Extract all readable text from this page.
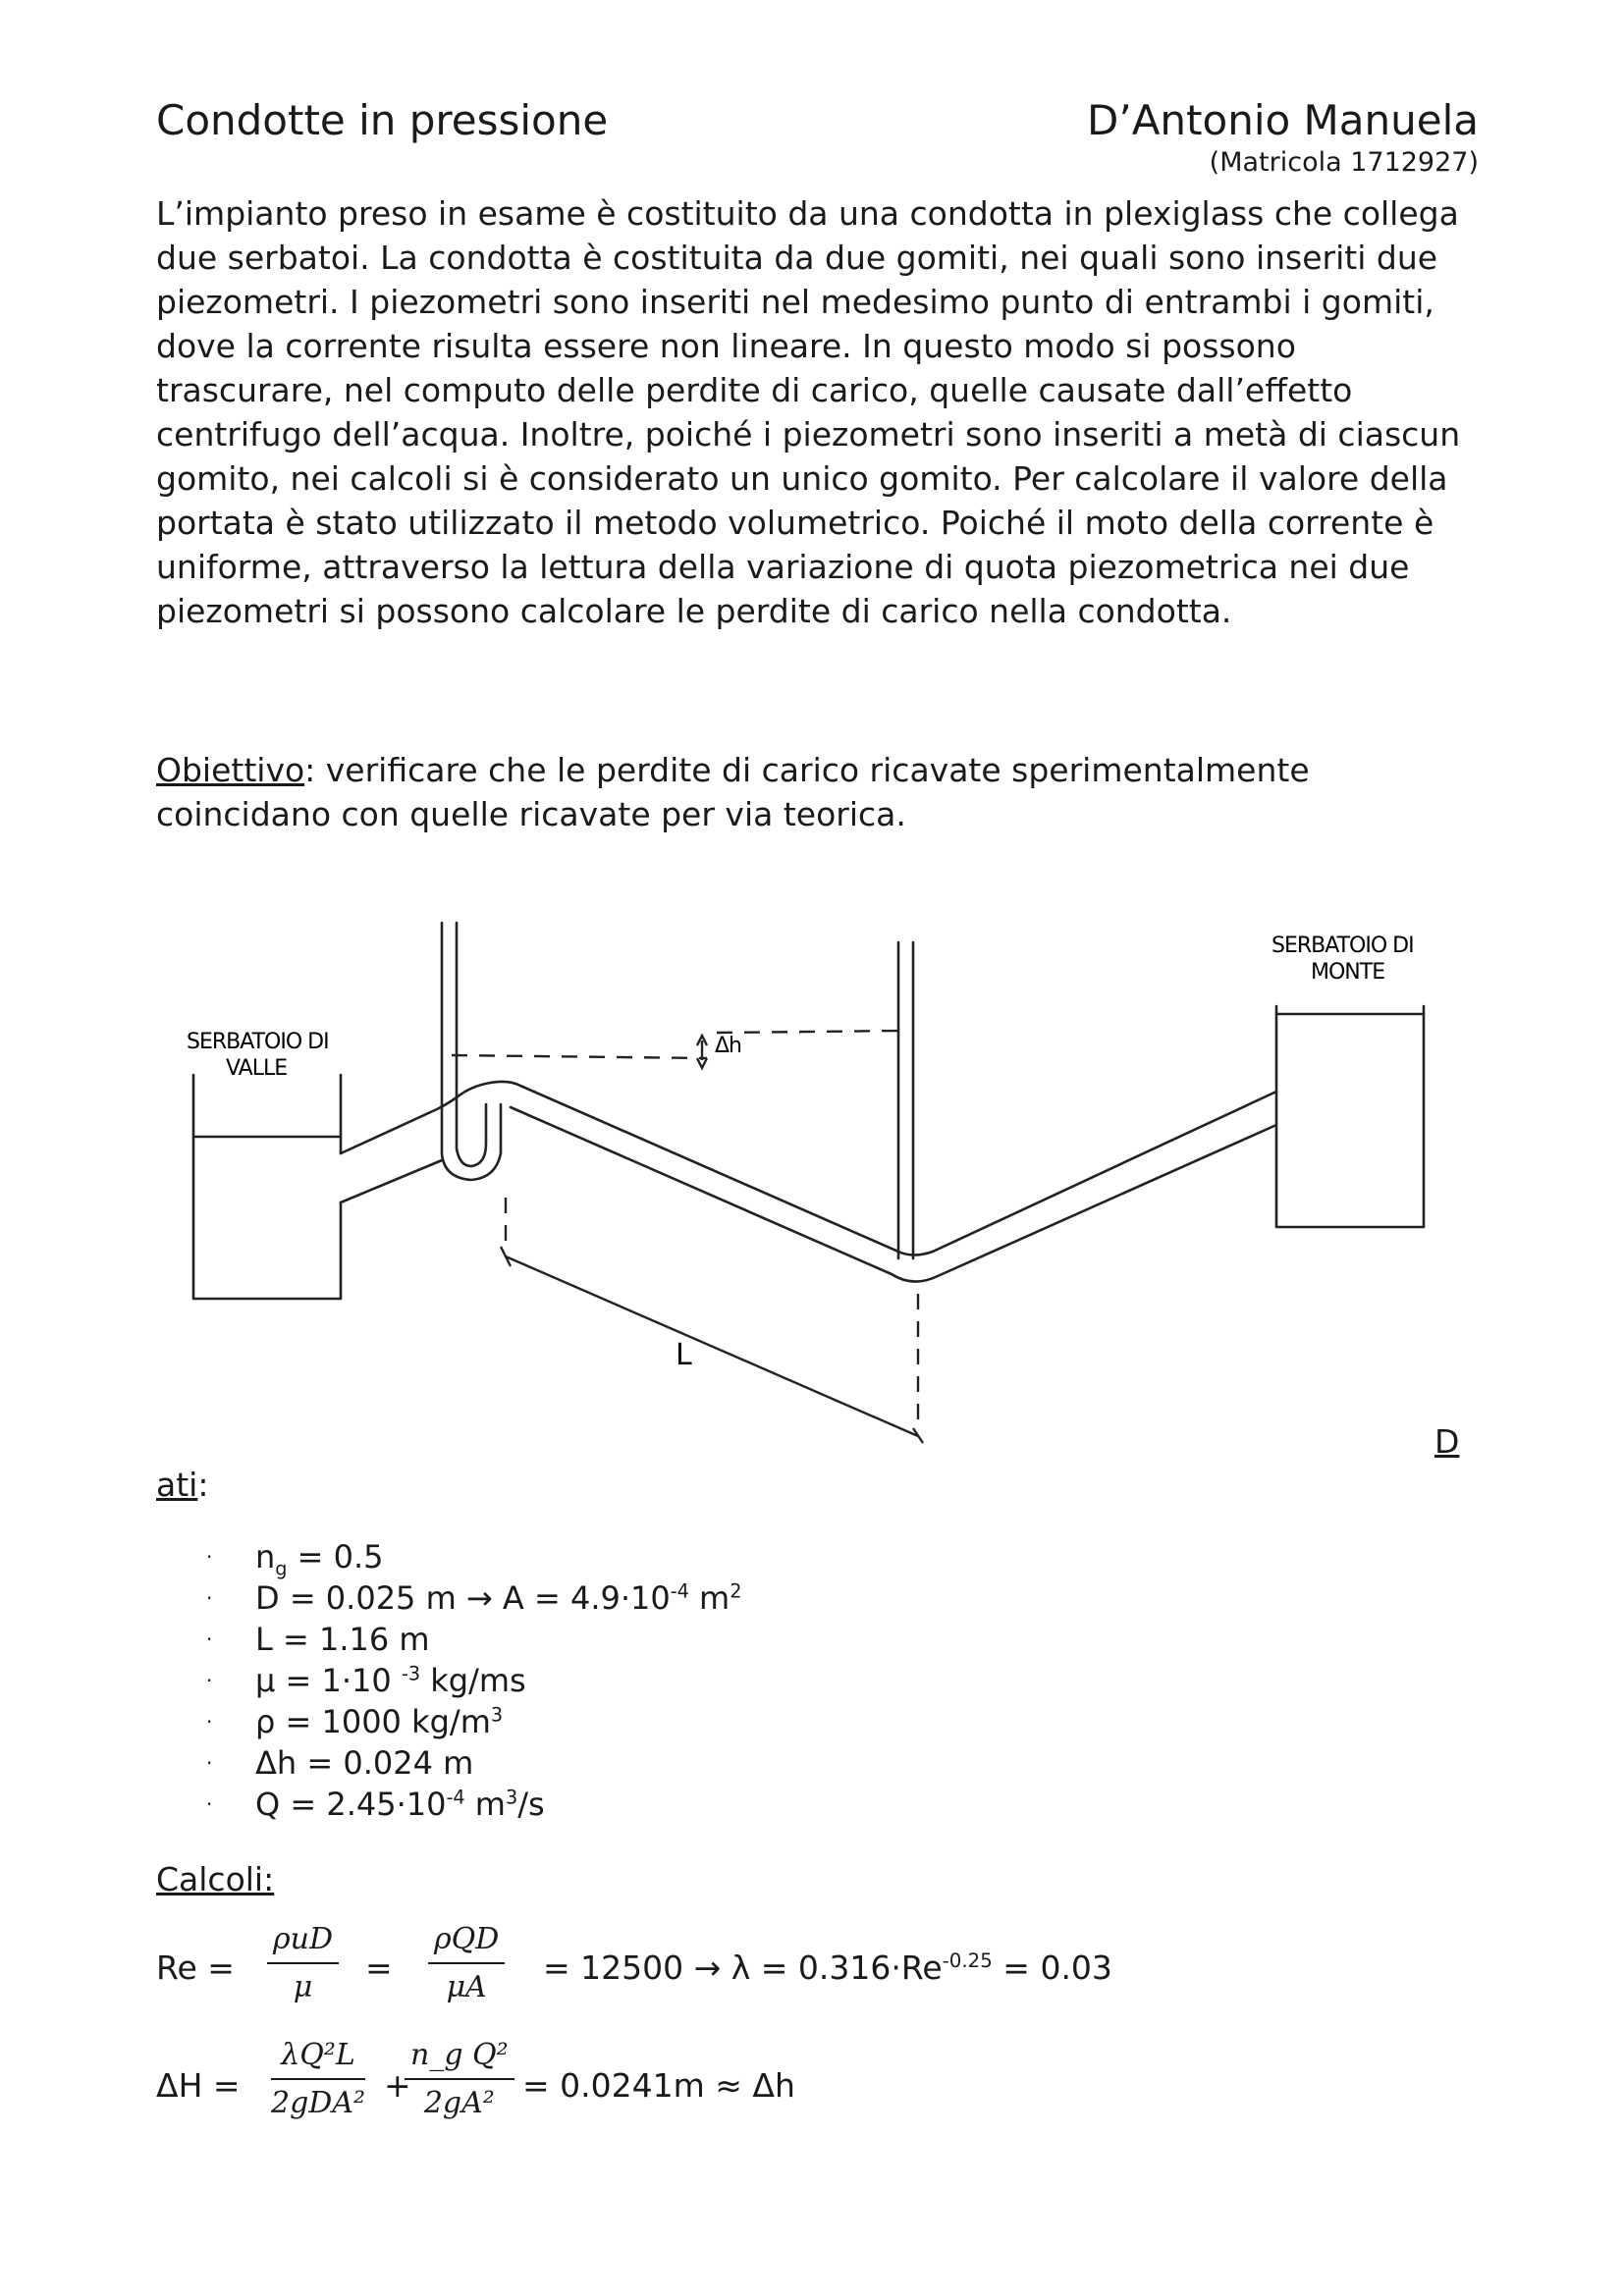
Condotte in pressione	D’Antonio Manuela
(Matricola 1712927)
L’impianto preso in esame è costituito da una condotta in plexiglass che collega due serbatoi. La condotta è costituita da due gomiti, nei quali sono inseriti due piezometri. I piezometri sono inseriti nel medesimo punto di entrambi i gomiti, dove la corrente risulta essere non lineare. In questo modo si possono trascurare, nel computo delle perdite di carico, quelle causate dall’effetto centrifugo dell’acqua. Inoltre, poiché i piezometri sono inseriti a metà di ciascun gomito, nei calcoli si è considerato un unico gomito. Per calcolare il valore della portata è stato utilizzato il metodo volumetrico. Poiché il moto della corrente è uniforme, attraverso la lettura della variazione di quota piezometrica nei due piezometri si possono calcolare le perdite di carico nella condotta.
Obiettivo: verificare che le perdite di carico ricavate sperimentalmente coincidano con quelle ricavate per via teorica.
SERBATOIO DI
VALLE
SERBATOIO DI
MONTE
Δh
L
D
ati:
· $n_g = 0.5$
· D = 0.025 $m \to A = 4.9\cdot 10^{-4}$ $m^2$
· L = 1.16 m
· μ = 1·10 $^{-3}$ kg/ms
· ρ = 1000 $kg/m^3$
· Δh = 0.024 m
· $Q = 2.45\cdot 10^{-4}$ $m^3/s$
Calcoli:
Re =
ρuD
μ
=
ρQD
μA
= $12500 \to \lambda = 0.316\cdot Re^{-0.25} = 0.03$
ΔH =
λQ²L
2gDA² +
$\frac{\text{n\_g Q²}}{\text{2gA²}} = 0.0241m \approx \Delta h$
